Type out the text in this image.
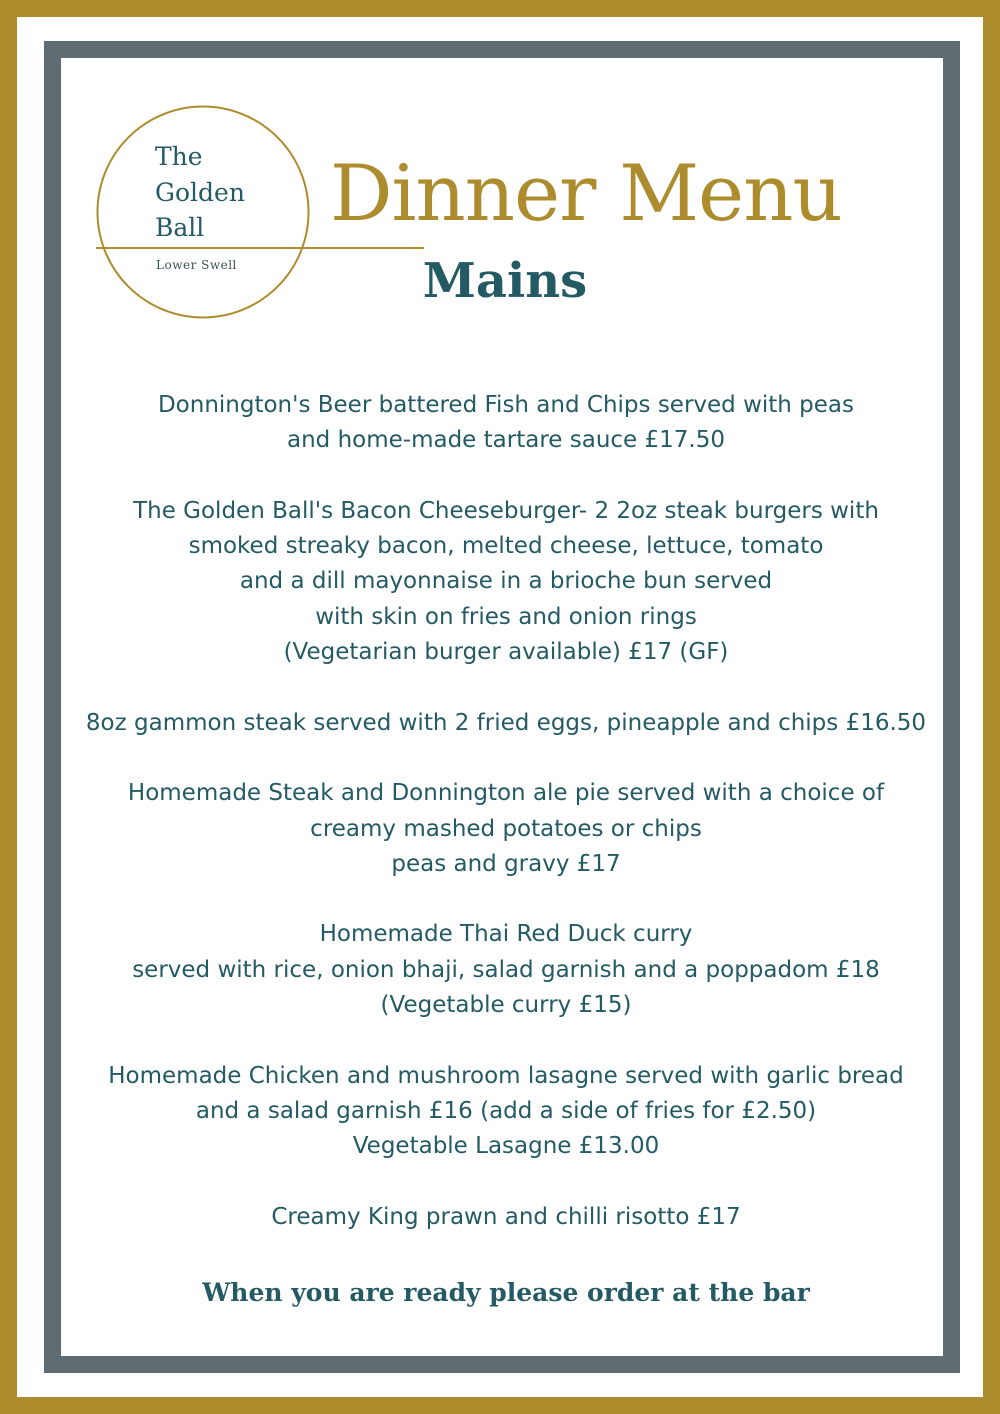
The
Golden
Ball
Lower Swell
Dinner Menu
Mains
Donnington's Beer battered Fish and Chips served with peas
and home-made tartare sauce £17.50
The Golden Ball's Bacon Cheeseburger- 2 2oz steak burgers with
smoked streaky bacon, melted cheese, lettuce, tomato
and a dill mayonnaise in a brioche bun served
with skin on fries and onion rings
(Vegetarian burger available) £17 (GF)
8oz gammon steak served with 2 fried eggs, pineapple and chips £16.50
Homemade Steak and Donnington ale pie served with a choice of
creamy mashed potatoes or chips
peas and gravy £17
Homemade Thai Red Duck curry
served with rice, onion bhaji, salad garnish and a poppadom £18
(Vegetable curry £15)
Homemade Chicken and mushroom lasagne served with garlic bread
and a salad garnish £16 (add a side of fries for £2.50)
Vegetable Lasagne £13.00
Creamy King prawn and chilli risotto £17
When you are ready please order at the bar
